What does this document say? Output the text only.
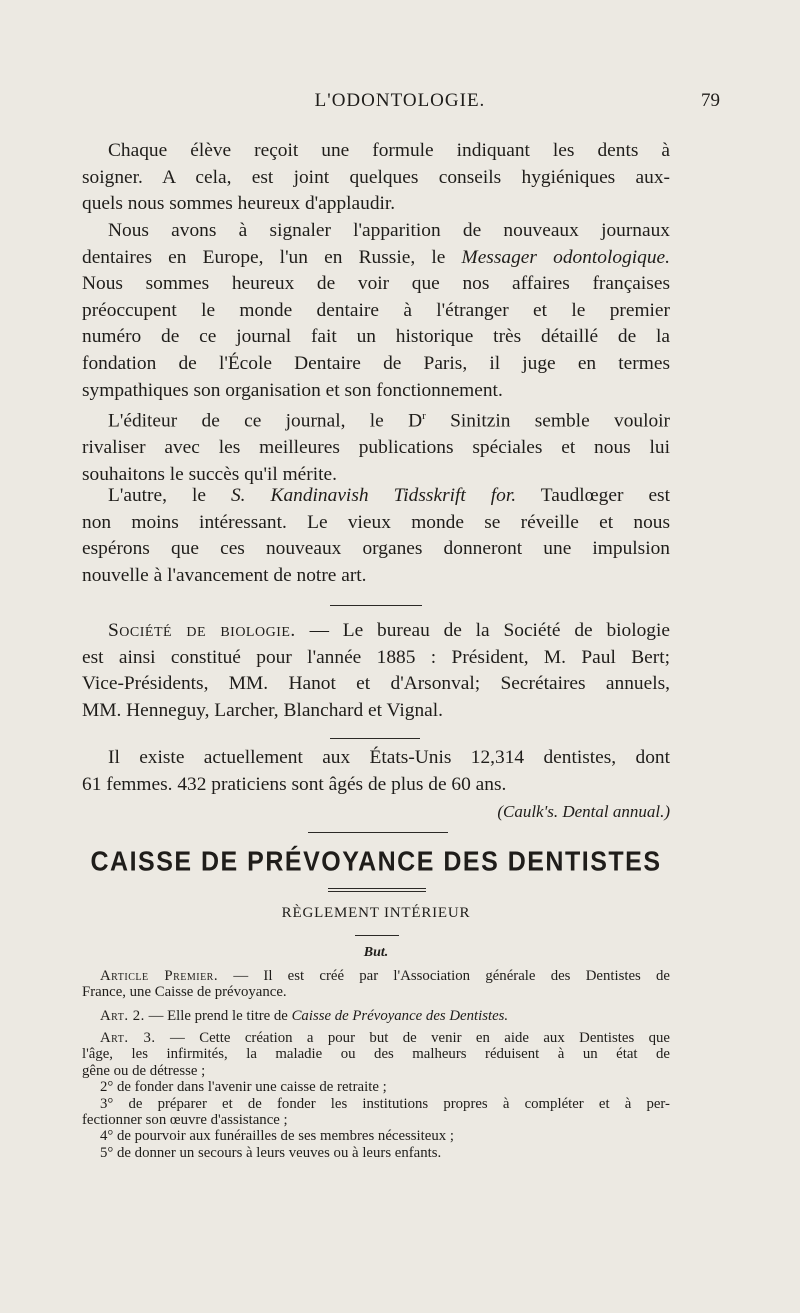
L'ODONTOLOGIE.	79
Chaque élève reçoit une formule indiquant les dents à
soigner. A cela, est joint quelques conseils hygiéniques aux-
quels nous sommes heureux d'applaudir.
Nous avons à signaler l'apparition de nouveaux journaux
dentaires en Europe, l'un en Russie, le Messager odontologique.
Nous sommes heureux de voir que nos affaires françaises
préoccupent le monde dentaire à l'étranger et le premier
numéro de ce journal fait un historique très détaillé de la
fondation de l'École Dentaire de Paris, il juge en termes
sympathiques son organisation et son fonctionnement.
L'éditeur de ce journal, le $D^r$ Sinitzin semble vouloir
rivaliser avec les meilleures publications spéciales et nous lui
souhaitons le succès qu'il mérite.
L'autre, le S. Kandinavish Tidsskrift for. Taudlœger est
non moins intéressant. Le vieux monde se réveille et nous
espérons que ces nouveaux organes donneront une impulsion
nouvelle à l'avancement de notre art.
Société de biologie. — Le bureau de la Société de biologie
est ainsi constitué pour l'année 1885 : Président, M. Paul Bert;
Vice-Présidents, MM. Hanot et d'Arsonval; Secrétaires annuels,
MM. Henneguy, Larcher, Blanchard et Vignal.
Il existe actuellement aux États-Unis 12,314 dentistes, dont
61 femmes. 432 praticiens sont âgés de plus de 60 ans.
(Caulk's. Dental annual.)
CAISSE DE PRÉVOYANCE DES DENTISTES
RÈGLEMENT INTÉRIEUR
But.
Article Premier. — Il est créé par l'Association générale des Dentistes de
France, une Caisse de prévoyance.
Art. 2. — Elle prend le titre de Caisse de Prévoyance des Dentistes.
Art. 3. — Cette création a pour but de venir en aide aux Dentistes que
l'âge, les infirmités, la maladie ou des malheurs réduisent à un état de
gêne ou de détresse ;
2° de fonder dans l'avenir une caisse de retraite ;
3° de préparer et de fonder les institutions propres à compléter et à per-
fectionner son œuvre d'assistance ;
4° de pourvoir aux funérailles de ses membres nécessiteux ;
5° de donner un secours à leurs veuves ou à leurs enfants.
